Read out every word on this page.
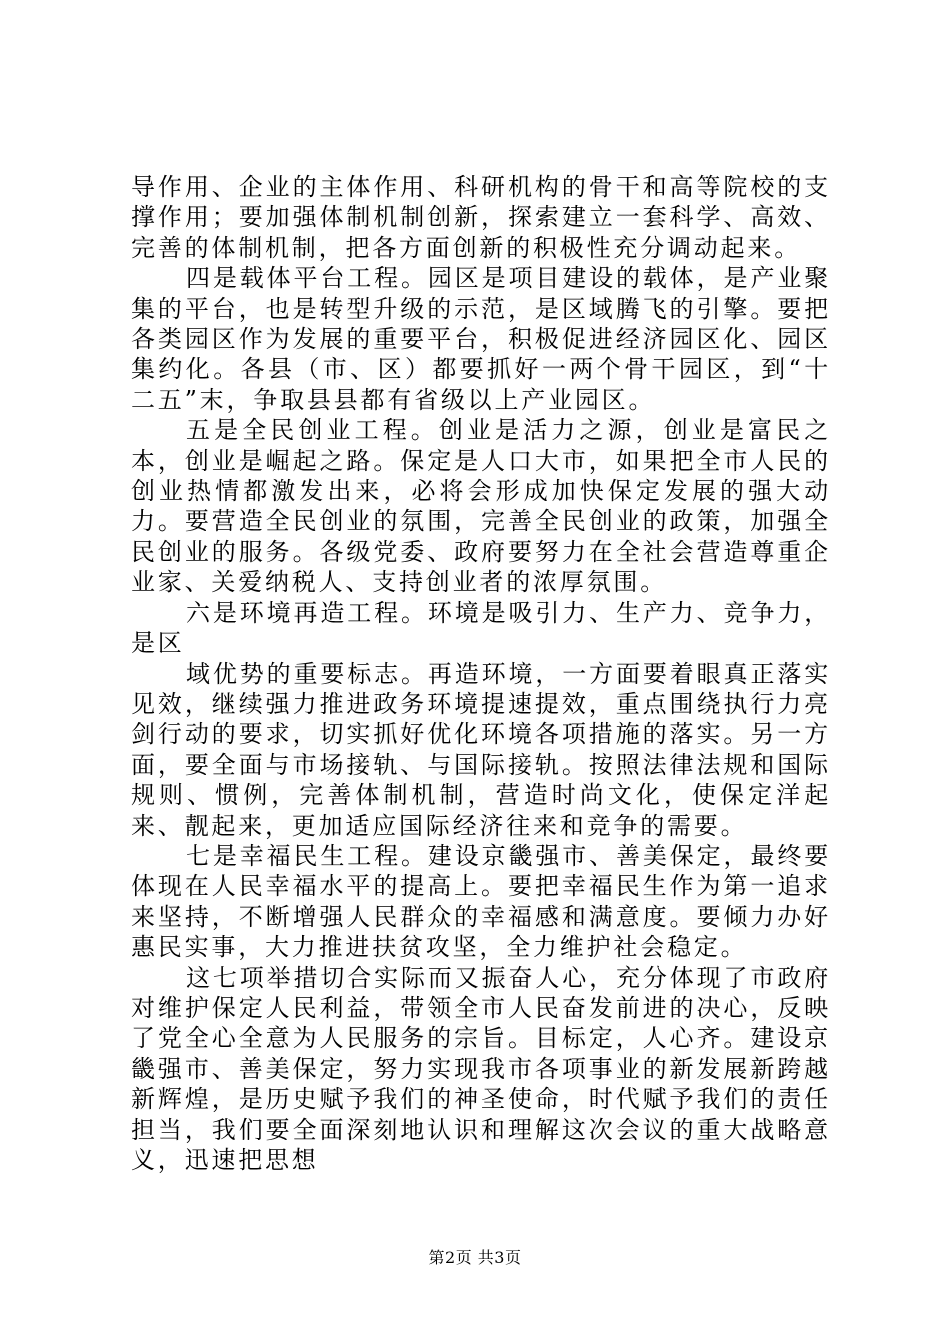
导作用、企业的主体作用、科研机构的骨干和高等院校的支撑作用；要加强体制机制创新，探索建立一套科学、高效、完善的体制机制，把各方面创新的积极性充分调动起来。

四是载体平台工程。园区是项目建设的载体，是产业聚集的平台，也是转型升级的示范，是区域腾飞的引擎。要把各类园区作为发展的重要平台，积极促进经济园区化、园区集约化。各县（市、区）都要抓好一两个骨干园区，到“十二五”末，争取县县都有省级以上产业园区。

五是全民创业工程。创业是活力之源，创业是富民之本，创业是崛起之路。保定是人口大市，如果把全市人民的创业热情都激发出来，必将会形成加快保定发展的强大动力。要营造全民创业的氛围，完善全民创业的政策，加强全民创业的服务。各级党委、政府要努力在全社会营造尊重企业家、关爱纳税人、支持创业者的浓厚氛围。

六是环境再造工程。环境是吸引力、生产力、竞争力，是区

域优势的重要标志。再造环境，一方面要着眼真正落实见效，继续强力推进政务环境提速提效，重点围绕执行力亮剑行动的要求，切实抓好优化环境各项措施的落实。另一方面，要全面与市场接轨、与国际接轨。按照法律法规和国际规则、惯例，完善体制机制，营造时尚文化，使保定洋起来、靓起来，更加适应国际经济往来和竞争的需要。

七是幸福民生工程。建设京畿强市、善美保定，最终要体现在人民幸福水平的提高上。要把幸福民生作为第一追求来坚持，不断增强人民群众的幸福感和满意度。要倾力办好惠民实事，大力推进扶贫攻坚，全力维护社会稳定。

这七项举措切合实际而又振奋人心，充分体现了市政府对维护保定人民利益，带领全市人民奋发前进的决心，反映了党全心全意为人民服务的宗旨。目标定，人心齐。建设京畿强市、善美保定，努力实现我市各项事业的新发展新跨越新辉煌，是历史赋予我们的神圣使命，时代赋予我们的责任担当，我们要全面深刻地认识和理解这次会议的重大战略意义，迅速把思想

第2页 共3页
